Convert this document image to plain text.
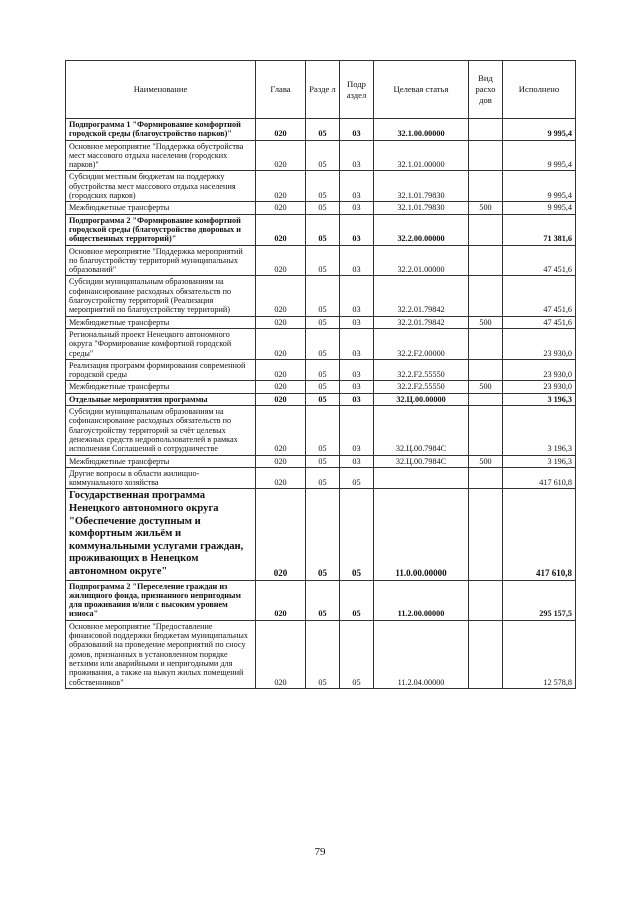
Наименование	Глава	Разде л	Подр аздел	Целевая статья	Вид расхо дов	Исполнено
Подпрограмма 1 "Формирование комфортной городской среды (благоустройство парков)"	020	05	03	32.1.00.00000		9 995,4
Основное мероприятие "Поддержка обустройства мест массового отдыха населения (городских парков)"	020	05	03	32.1.01.00000		9 995,4
Субсидии местным бюджетам на поддержку обустройства мест массового отдыха населения (городских парков)	020	05	03	32.1.01.79830		9 995,4
Межбюджетные трансферты	020	05	03	32.1.01.79830	500	9 995,4
Подпрограмма 2 "Формирование комфортной городской среды (благоустройство дворовых и общественных территорий)"	020	05	03	32.2.00.00000		71 381,6
Основное мероприятие "Поддержка мероприятий по благоустройству территорий муниципальных образований"	020	05	03	32.2.01.00000		47 451,6
Субсидии муниципальным образованиям на софинансирование расходных обязательств по благоустройству территорий (Реализация мероприятий по благоустройству территорий)	020	05	03	32.2.01.79842		47 451,6
Межбюджетные трансферты	020	05	03	32.2.01.79842	500	47 451,6
Региональный проект Ненецкого автономного округа "Формирование комфортной городской среды"	020	05	03	32.2.F2.00000		23 930,0
Реализация программ формирования современной городской среды	020	05	03	32.2.F2.55550		23 930,0
Межбюджетные трансферты	020	05	03	32.2.F2.55550	500	23 930,0
Отдельные мероприятия программы	020	05	03	32.Ц.00.00000		3 196,3
Субсидии муниципальным образованиям на софинансирование расходных обязательств по благоустройству территорий за счёт целевых денежных средств недропользователей в рамках исполнения Соглашений о сотрудничестве	020	05	03	32.Ц.00.7984С		3 196,3
Межбюджетные трансферты	020	05	03	32.Ц.00.7984С	500	3 196,3
Другие вопросы в области жилищно-коммунального хозяйства	020	05	05			417 610,8
Государственная программа Ненецкого автономного округа "Обеспечение доступным и комфортным жильём и коммунальными услугами граждан, проживающих в Ненецком автономном округе"	020	05	05	11.0.00.00000		417 610,8
Подпрограмма 2 "Переселение граждан из жилищного фонда, признанного непригодным для проживания и/или с высоким уровнем износа"	020	05	05	11.2.00.00000		295 157,5
Основное мероприятие "Предоставление финансовой поддержки бюджетам муниципальных образований на проведение мероприятий по сносу домов, признанных в установленном порядке ветхими или аварийными и непригодными для проживания, а также на выкуп жилых помещений собственников"	020	05	05	11.2.04.00000		12 578,8
79
